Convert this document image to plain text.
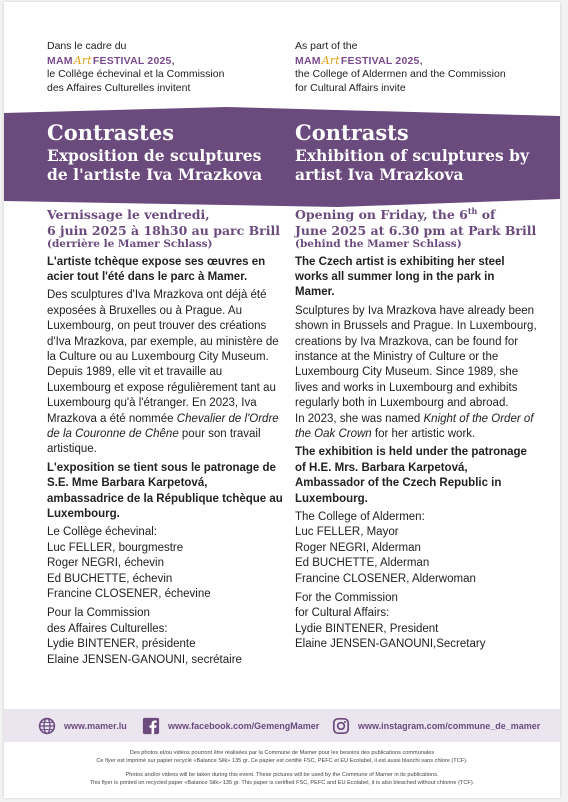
Dans le cadre du
MAMArtFESTIVAL 2025,
le Collège échevinal et la Commission
des Affaires Culturelles invitent
As part of the
MAMArtFESTIVAL 2025,
the College of Aldermen and the Commission
for Cultural Affairs invite
Contrastes
Exposition de sculptures
de l'artiste Iva Mrazkova
Contrasts
Exhibition of sculptures by
artist Iva Mrazkova
Vernissage le vendredi,
6 juin 2025 à 18h30 au parc Brill
(derrière le Mamer Schlass)
L'artiste tchèque expose ses œuvres en acier tout l'été dans le parc à Mamer.
Des sculptures d'Iva Mrazkova ont déjà été exposées à Bruxelles ou à Prague. Au Luxembourg, on peut trouver des créations d'Iva Mrazkova, par exemple, au ministère de la Culture ou au Luxembourg City Museum. Depuis 1989, elle vit et travaille au Luxembourg et expose régulièrement tant au Luxembourg qu'à l'étranger. En 2023, Iva Mrazkova a été nommée Chevalier de l'Ordre de la Couronne de Chêne pour son travail artistique.
L'exposition se tient sous le patronage de S.E. Mme Barbara Karpetová, ambassadrice de la République tchèque au Luxembourg.
Le Collège échevinal:
Luc FELLER, bourgmestre
Roger NEGRI, échevin
Ed BUCHETTE, échevin
Francine CLOSENER, échevine
Pour la Commission
des Affaires Culturelles:
Lydie BINTENER, présidente
Elaine JENSEN-GANOUNI, secrétaire
Opening on Friday, the 6th of
June 2025 at 6.30 pm at Park Brill
(behind the Mamer Schlass)
The Czech artist is exhibiting her steel works all summer long in the park in Mamer.
Sculptures by Iva Mrazkova have already been shown in Brussels and Prague. In Luxembourg, creations by Iva Mrazkova, can be found for instance at the Ministry of Culture or the Luxembourg City Museum. Since 1989, she lives and works in Luxembourg and exhibits regularly both in Luxembourg and abroad.
In 2023, she was named Knight of the Order of the Oak Crown for her artistic work.
The exhibition is held under the patronage of H.E. Mrs. Barbara Karpetová, Ambassador of the Czech Republic in Luxembourg.
The College of Aldermen:
Luc FELLER, Mayor
Roger NEGRI, Alderman
Ed BUCHETTE, Alderman
Francine CLOSENER, Alderwoman
For the Commission
for Cultural Affairs:
Lydie BINTENER, President
Elaine JENSEN-GANOUNI,Secretary
www.mamer.lu	www.facebook.com/GemengMamer	www.instagram.com/commune_de_mamer
Des photos et/ou vidéos pourront être réalisées par la Commune de Mamer pour les besoins des publications communales
Ce flyer est imprimé sur papier recyclé «Balance Silk» 135 gr. Ce papier est certifié FSC, PEFC et EU Ecolabel, il est aussi blanchi sans chlore (TCF).
Photos and/or videos will be taken during this event. These pictures will be used by the Commune of Mamer in its publications.
This flyer is printed on recycled paper «Balance Silk» 135 gr. This paper is certified FSC, PEFC and EU Ecolabel, it is also bleached without chlorine (TCF).
